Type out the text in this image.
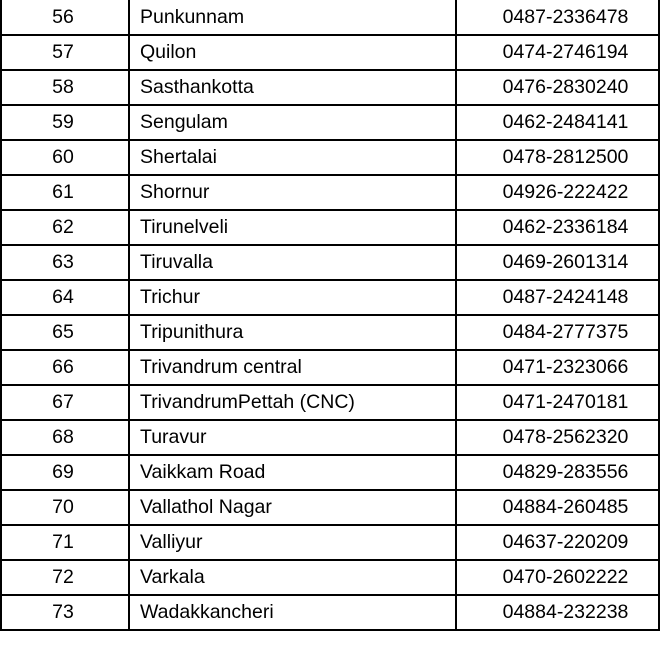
56	Punkunnam	0487-2336478
57	Quilon	0474-2746194
58	Sasthankotta	0476-2830240
59	Sengulam	0462-2484141
60	Shertalai	0478-2812500
61	Shornur	04926-222422
62	Tirunelveli	0462-2336184
63	Tiruvalla	0469-2601314
64	Trichur	0487-2424148
65	Tripunithura	0484-2777375
66	Trivandrum central	0471-2323066
67	TrivandrumPettah (CNC)	0471-2470181
68	Turavur	0478-2562320
69	Vaikkam Road	04829-283556
70	Vallathol Nagar	04884-260485
71	Valliyur	04637-220209
72	Varkala	0470-2602222
73	Wadakkancheri	04884-232238
